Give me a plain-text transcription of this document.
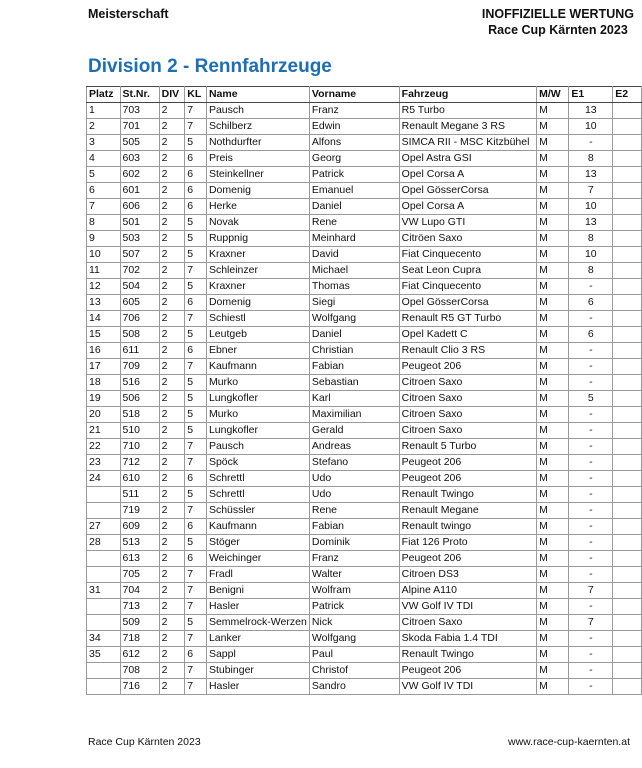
Meisterschaft	INOFFIZIELLE WERTUNG
Race Cup Kärnten 2023
Division 2 - Rennfahrzeuge
Platz	St.Nr.	DIV	KL	Name	Vorname	Fahrzeug	M/W	E1	E2
1	703	2	7	Pausch	Franz	R5 Turbo	M	13	
2	701	2	7	Schilberz	Edwin	Renault Megane 3 RS	M	10	
3	505	2	5	Nothdurfter	Alfons	SIMCA RII - MSC Kitzbühel	M	-	
4	603	2	6	Preis	Georg	Opel Astra GSI	M	8	
5	602	2	6	Steinkellner	Patrick	Opel Corsa A	M	13	
6	601	2	6	Domenig	Emanuel	Opel GösserCorsa	M	7	
7	606	2	6	Herke	Daniel	Opel Corsa A	M	10	
8	501	2	5	Novak	Rene	VW Lupo GTI	M	13	
9	503	2	5	Ruppnig	Meinhard	Citröen Saxo	M	8	
10	507	2	5	Kraxner	David	Fiat Cinquecento	M	10	
11	702	2	7	Schleinzer	Michael	Seat Leon Cupra	M	8	
12	504	2	5	Kraxner	Thomas	Fiat Cinquecento	M	-	
13	605	2	6	Domenig	Siegi	Opel GösserCorsa	M	6	
14	706	2	7	Schiestl	Wolfgang	Renault R5 GT Turbo	M	-	
15	508	2	5	Leutgeb	Daniel	Opel Kadett C	M	6	
16	611	2	6	Ebner	Christian	Renault Clio 3 RS	M	-	
17	709	2	7	Kaufmann	Fabian	Peugeot 206	M	-	
18	516	2	5	Murko	Sebastian	Citroen Saxo	M	-	
19	506	2	5	Lungkofler	Karl	Citroen Saxo	M	5	
20	518	2	5	Murko	Maximilian	Citroen Saxo	M	-	
21	510	2	5	Lungkofler	Gerald	Citroen Saxo	M	-	
22	710	2	7	Pausch	Andreas	Renault 5 Turbo	M	-	
23	712	2	7	Spöck	Stefano	Peugeot 206	M	-	
24	610	2	6	Schrettl	Udo	Peugeot 206	M	-	
	511	2	5	Schrettl	Udo	Renault Twingo	M	-	
	719	2	7	Schüssler	Rene	Renault Megane	M	-	
27	609	2	6	Kaufmann	Fabian	Renault twingo	M	-	
28	513	2	5	Stöger	Dominik	Fiat 126 Proto	M	-	
	613	2	6	Weichinger	Franz	Peugeot 206	M	-	
	705	2	7	Fradl	Walter	Citroen DS3	M	-	
31	704	2	7	Benigni	Wolfram	Alpine A110	M	7	
	713	2	7	Hasler	Patrick	VW Golf IV TDI	M	-	
	509	2	5	Semmelrock-Werzen	Nick	Citroen Saxo	M	7	
34	718	2	7	Lanker	Wolfgang	Skoda Fabia 1.4 TDI	M	-	
35	612	2	6	Sappl	Paul	Renault Twingo	M	-	
	708	2	7	Stubinger	Christof	Peugeot 206	M	-	
	716	2	7	Hasler	Sandro	VW Golf IV TDI	M	-	
Race Cup Kärnten 2023	www.race-cup-kaernten.at
